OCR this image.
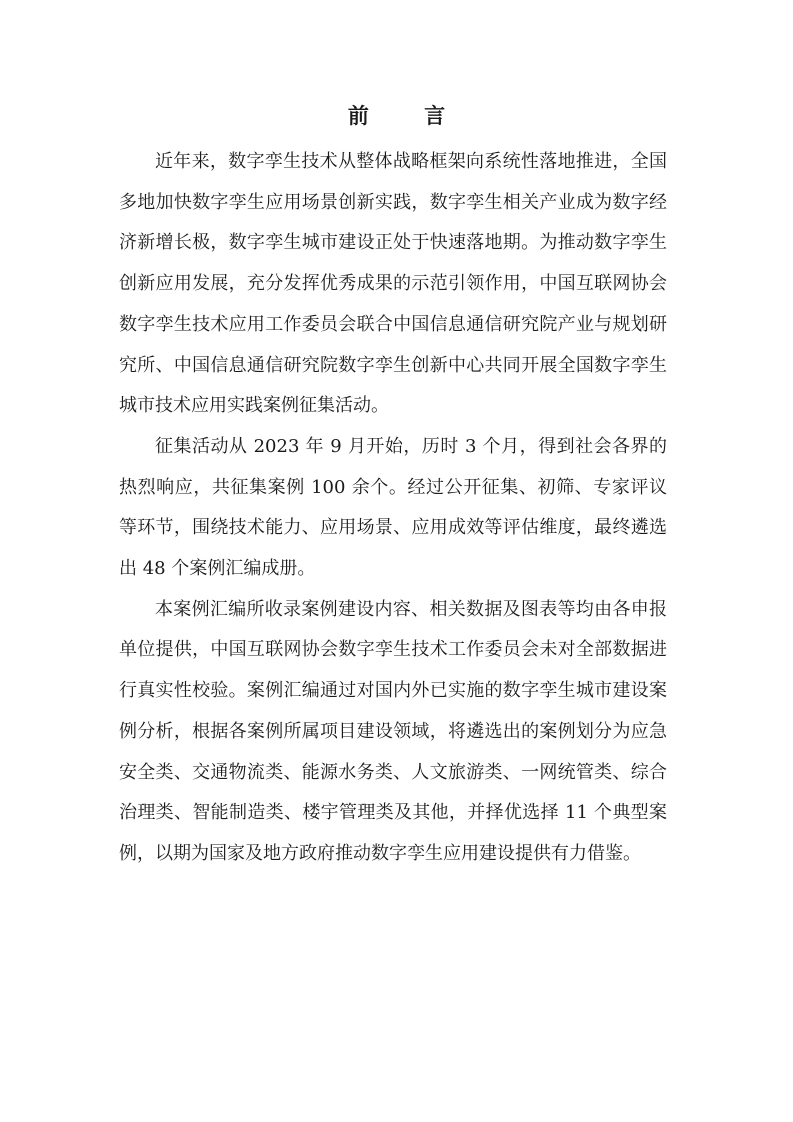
前 言

近年来，数字孪生技术从整体战略框架向系统性落地推进，全国多地加快数字孪生应用场景创新实践，数字孪生相关产业成为数字经济新增长极，数字孪生城市建设正处于快速落地期。为推动数字孪生创新应用发展，充分发挥优秀成果的示范引领作用，中国互联网协会数字孪生技术应用工作委员会联合中国信息通信研究院产业与规划研究所、中国信息通信研究院数字孪生创新中心共同开展全国数字孪生城市技术应用实践案例征集活动。

征集活动从 2023 年 9 月开始，历时 3 个月，得到社会各界的热烈响应，共征集案例 100 余个。经过公开征集、初筛、专家评议等环节，围绕技术能力、应用场景、应用成效等评估维度，最终遴选出 48 个案例汇编成册。

本案例汇编所收录案例建设内容、相关数据及图表等均由各申报单位提供，中国互联网协会数字孪生技术工作委员会未对全部数据进行真实性校验。案例汇编通过对国内外已实施的数字孪生城市建设案例分析，根据各案例所属项目建设领域，将遴选出的案例划分为应急安全类、交通物流类、能源水务类、人文旅游类、一网统管类、综合治理类、智能制造类、楼宇管理类及其他，并择优选择 11 个典型案例，以期为国家及地方政府推动数字孪生应用建设提供有力借鉴。
